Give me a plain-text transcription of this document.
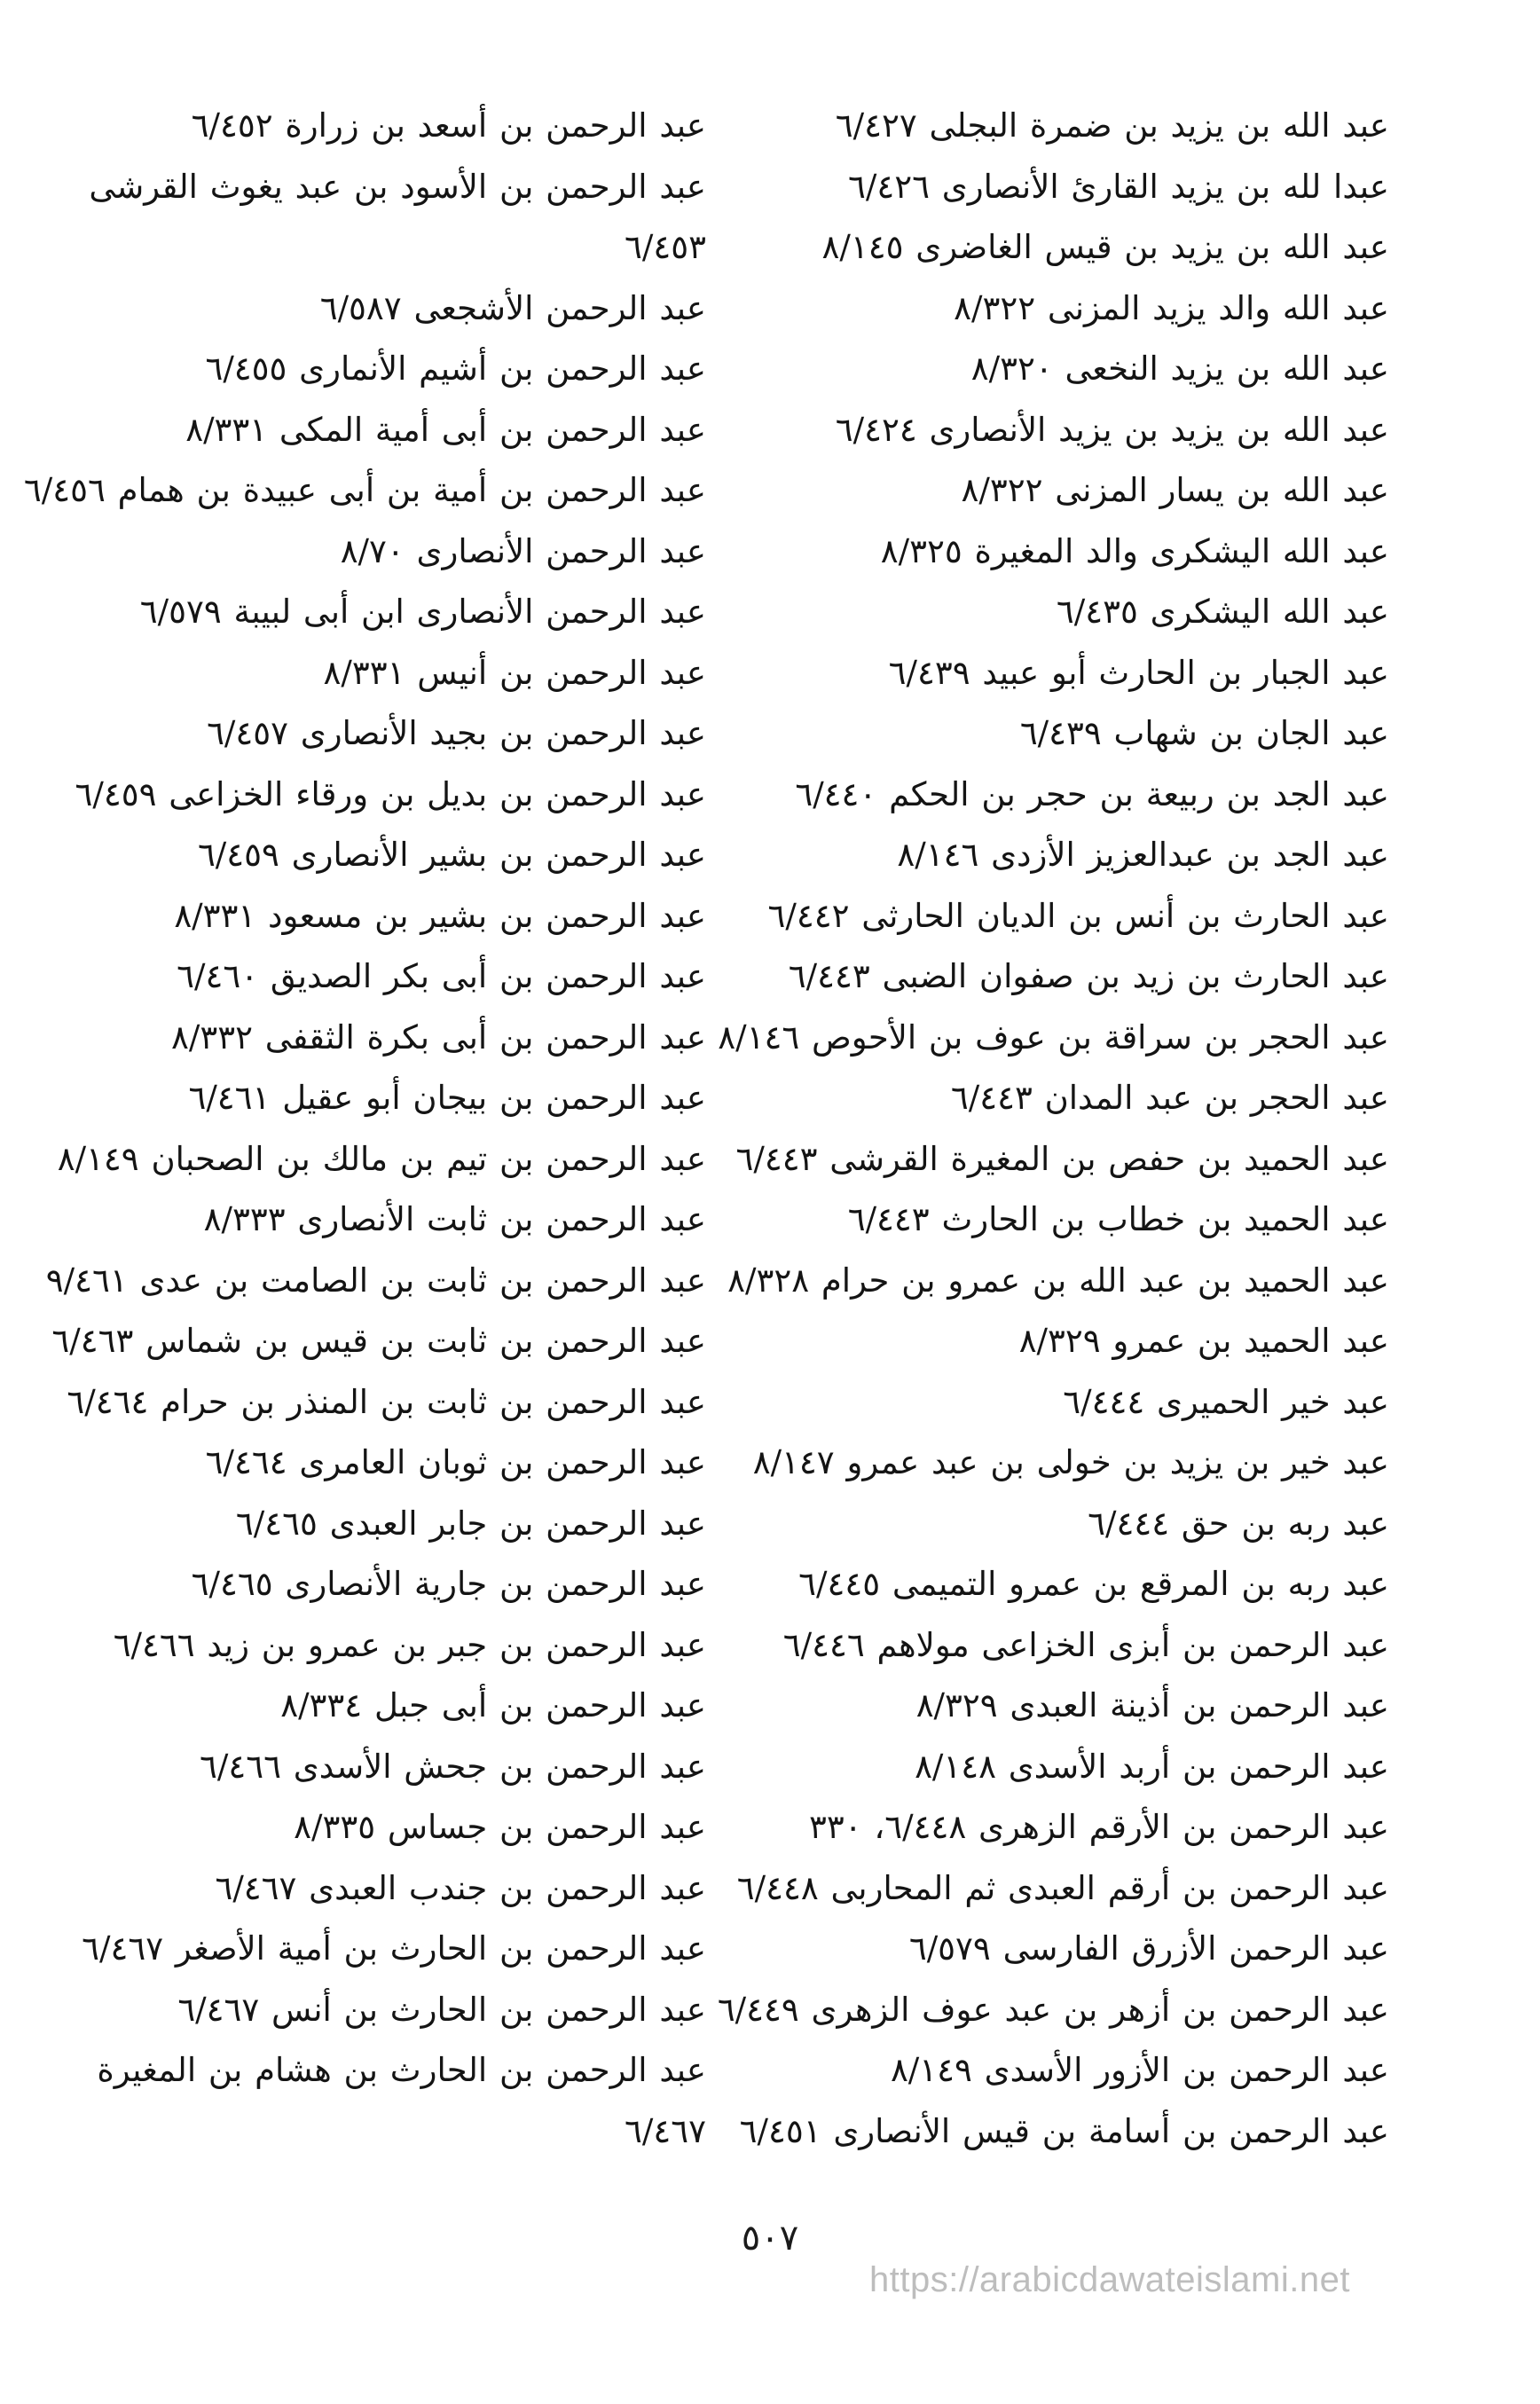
عبد الله بن يزيد بن ضمرة البجلی ٦/٤٢٧
عبدا لله بن يزيد القارئ الأنصاری ٦/٤٢٦
عبد الله بن يزيد بن قيس الغاضری ٨/١٤٥
عبد الله والد يزيد المزنی ٨/٣٢٢
عبد الله بن يزيد النخعی ٨/٣٢٠
عبد الله بن يزيد بن يزيد الأنصاری ٦/٤٢٤
عبد الله بن يسار المزنی ٨/٣٢٢
عبد الله اليشكری والد المغيرة ٨/٣٢٥
عبد الله اليشكری ٦/٤٣٥
عبد الجبار بن الحارث أبو عبيد ٦/٤٣٩
عبد الجان بن شهاب ٦/٤٣٩
عبد الجد بن ربيعة بن حجر بن الحكم ٦/٤٤٠
عبد الجد بن عبدالعزيز الأزدی ٨/١٤٦
عبد الحارث بن أنس بن الديان الحارثی ٦/٤٤٢
عبد الحارث بن زيد بن صفوان الضبی ٦/٤٤٣
عبد الحجر بن سراقة بن عوف بن الأحوص ٨/١٤٦
عبد الحجر بن عبد المدان ٦/٤٤٣
عبد الحميد بن حفص بن المغيرة القرشی ٦/٤٤٣
عبد الحميد بن خطاب بن الحارث ٦/٤٤٣
عبد الحميد بن عبد الله بن عمرو بن حرام ٨/٣٢٨
عبد الحميد بن عمرو ٨/٣٢٩
عبد خير الحميری ٦/٤٤٤
عبد خير بن يزيد بن خولی بن عبد عمرو ٨/١٤٧
عبد ربه بن حق ٦/٤٤٤
عبد ربه بن المرقع بن عمرو التميمی ٦/٤٤٥
عبد الرحمن بن أبزی الخزاعی مولاهم ٦/٤٤٦
عبد الرحمن بن أذينة العبدی ٨/٣٢٩
عبد الرحمن بن أربد الأسدی ٨/١٤٨
عبد الرحمن بن الأرقم الزهری ٦/٤٤٨، ٣٣٠
عبد الرحمن بن أرقم العبدی ثم المحاربی ٦/٤٤٨
عبد الرحمن الأزرق الفارسی ٦/٥٧٩
عبد الرحمن بن أزهر بن عبد عوف الزهری ٦/٤٤٩
عبد الرحمن بن الأزور الأسدی ٨/١٤٩
عبد الرحمن بن أسامة بن قيس الأنصاری ٦/٤٥١
عبد الرحمن بن أسعد بن زرارة ٦/٤٥٢
عبد الرحمن بن الأسود بن عبد يغوث القرشی ٦/٤٥٣
عبد الرحمن الأشجعی ٦/٥٨٧
عبد الرحمن بن أشيم الأنماری ٦/٤٥٥
عبد الرحمن بن أبی أمية المكی ٨/٣٣١
عبد الرحمن بن أمية بن أبی عبيدة بن همام ٦/٤٥٦
عبد الرحمن الأنصاری ٨/٧٠
عبد الرحمن الأنصاری ابن أبی لبيبة ٦/٥٧٩
عبد الرحمن بن أنيس ٨/٣٣١
عبد الرحمن بن بجيد الأنصاری ٦/٤٥٧
عبد الرحمن بن بديل بن ورقاء الخزاعی ٦/٤٥٩
عبد الرحمن بن بشير الأنصاری ٦/٤٥٩
عبد الرحمن بن بشير بن مسعود ٨/٣٣١
عبد الرحمن بن أبی بكر الصديق ٦/٤٦٠
عبد الرحمن بن أبی بكرة الثقفی ٨/٣٣٢
عبد الرحمن بن بيجان أبو عقيل ٦/٤٦١
عبد الرحمن بن تيم بن مالك بن الصحبان ٨/١٤٩
عبد الرحمن بن ثابت الأنصاری ٨/٣٣٣
عبد الرحمن بن ثابت بن الصامت بن عدی ٩/٤٦١
عبد الرحمن بن ثابت بن قيس بن شماس ٦/٤٦٣
عبد الرحمن بن ثابت بن المنذر بن حرام ٦/٤٦٤
عبد الرحمن بن ثوبان العامری ٦/٤٦٤
عبد الرحمن بن جابر العبدی ٦/٤٦٥
عبد الرحمن بن جارية الأنصاری ٦/٤٦٥
عبد الرحمن بن جبر بن عمرو بن زيد ٦/٤٦٦
عبد الرحمن بن أبی جبل ٨/٣٣٤
عبد الرحمن بن جحش الأسدی ٦/٤٦٦
عبد الرحمن بن جساس ٨/٣٣٥
عبد الرحمن بن جندب العبدی ٦/٤٦٧
عبد الرحمن بن الحارث بن أمية الأصغر ٦/٤٦٧
عبد الرحمن بن الحارث بن أنس ٦/٤٦٧
عبد الرحمن بن الحارث بن هشام بن المغيرة ٦/٤٦٧
٥٠٧
https://arabicdawateislami.net
